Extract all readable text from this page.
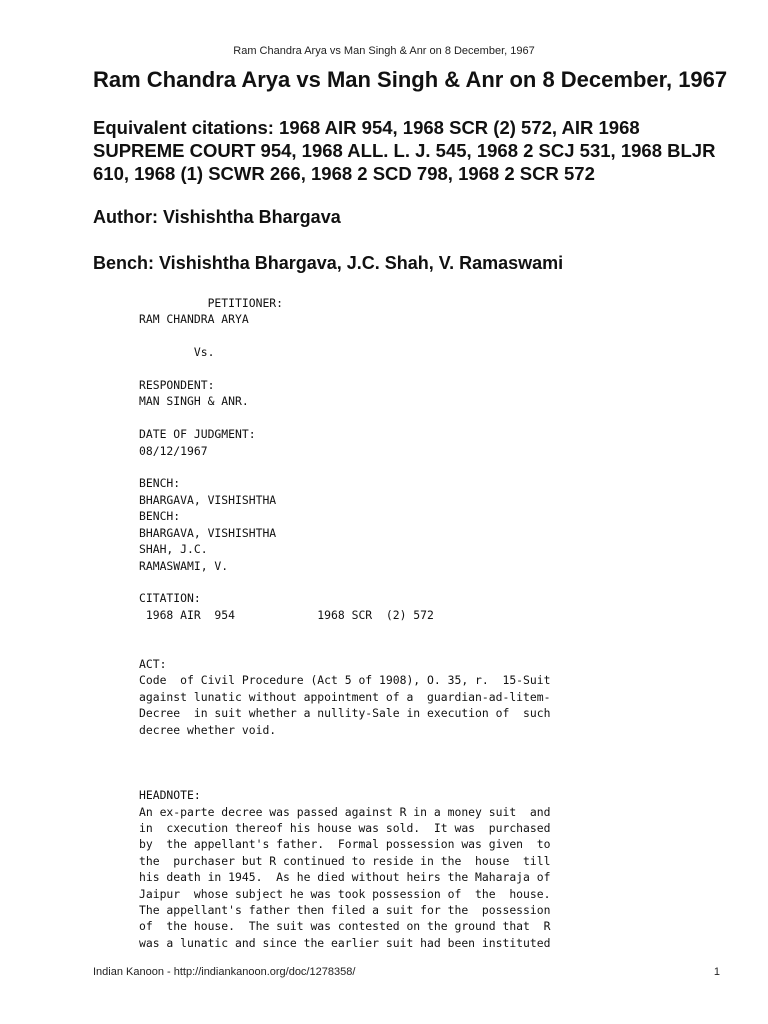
Ram Chandra Arya vs Man Singh & Anr on 8 December, 1967
Ram Chandra Arya vs Man Singh & Anr on 8 December, 1967
Equivalent citations: 1968 AIR 954, 1968 SCR (2) 572, AIR 1968 SUPREME COURT 954, 1968 ALL. L. J. 545, 1968 2 SCJ 531, 1968 BLJR 610, 1968 (1) SCWR 266, 1968 2 SCD 798, 1968 2 SCR 572
Author: Vishishtha Bhargava
Bench: Vishishtha Bhargava, J.C. Shah, V. Ramaswami
PETITIONER:
RAM CHANDRA ARYA

Vs.

RESPONDENT:
MAN SINGH & ANR.

DATE OF JUDGMENT:
08/12/1967

BENCH:
BHARGAVA, VISHISHTHA
BENCH:
BHARGAVA, VISHISHTHA
SHAH, J.C.
RAMASWAMI, V.

CITATION:
1968 AIR  954            1968 SCR  (2) 572

ACT:
Code  of Civil Procedure (Act 5 of 1908), O. 35, r.  15-Suit
against lunatic without appointment of a  guardian-ad-litem-
Decree  in suit whether a nullity-Sale in execution of  such
decree whether void.

HEADNOTE:
An ex-parte decree was passed against R in a money suit  and
in  cxecution thereof his house was sold.  It was  purchased
by  the appellant's father.  Formal possession was given  to
the  purchaser but R continued to reside in the  house  till
his death in 1945.  As he died without heirs the Maharaja of
Jaipur  whose subject he was took possession of  the  house.
The appellant's father then filed a suit for the  possession
of  the house.  The suit was contested on the ground that  R
was a lunatic and since the earlier suit had been instituted
Indian Kanoon - http://indiankanoon.org/doc/1278358/	1
